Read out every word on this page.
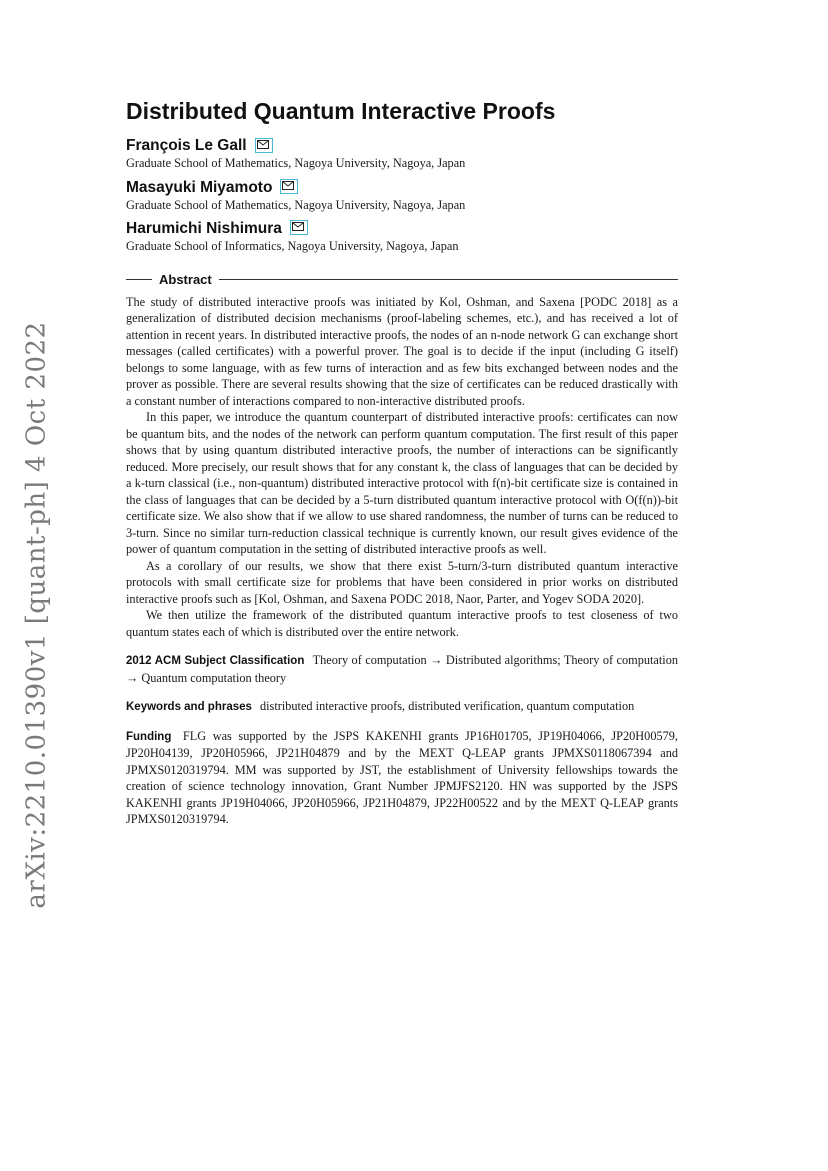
arXiv:2210.01390v1 [quant-ph] 4 Oct 2022
Distributed Quantum Interactive Proofs
François Le Gall
Graduate School of Mathematics, Nagoya University, Nagoya, Japan
Masayuki Miyamoto
Graduate School of Mathematics, Nagoya University, Nagoya, Japan
Harumichi Nishimura
Graduate School of Informatics, Nagoya University, Nagoya, Japan
Abstract

The study of distributed interactive proofs was initiated by Kol, Oshman, and Saxena [PODC 2018] as a generalization of distributed decision mechanisms (proof-labeling schemes, etc.), and has received a lot of attention in recent years. In distributed interactive proofs, the nodes of an n-node network G can exchange short messages (called certificates) with a powerful prover. The goal is to decide if the input (including G itself) belongs to some language, with as few turns of interaction and as few bits exchanged between nodes and the prover as possible. There are several results showing that the size of certificates can be reduced drastically with a constant number of interactions compared to non-interactive distributed proofs.

In this paper, we introduce the quantum counterpart of distributed interactive proofs: certificates can now be quantum bits, and the nodes of the network can perform quantum computation. The first result of this paper shows that by using quantum distributed interactive proofs, the number of interactions can be significantly reduced. More precisely, our result shows that for any constant k, the class of languages that can be decided by a k-turn classical (i.e., non-quantum) distributed interactive protocol with f(n)-bit certificate size is contained in the class of languages that can be decided by a 5-turn distributed quantum interactive protocol with O(f(n))-bit certificate size. We also show that if we allow to use shared randomness, the number of turns can be reduced to 3-turn. Since no similar turn-reduction classical technique is currently known, our result gives evidence of the power of quantum computation in the setting of distributed interactive proofs as well.

As a corollary of our results, we show that there exist 5-turn/3-turn distributed quantum interactive protocols with small certificate size for problems that have been considered in prior works on distributed interactive proofs such as [Kol, Oshman, and Saxena PODC 2018, Naor, Parter, and Yogev SODA 2020].

We then utilize the framework of the distributed quantum interactive proofs to test closeness of two quantum states each of which is distributed over the entire network.

2012 ACM Subject Classification Theory of computation → Distributed algorithms; Theory of computation → Quantum computation theory
Keywords and phrases distributed interactive proofs, distributed verification, quantum computation
Funding FLG was supported by the JSPS KAKENHI grants JP16H01705, JP19H04066, JP20H00579, JP20H04139, JP20H05966, JP21H04879 and by the MEXT Q-LEAP grants JPMXS0118067394 and JPMXS0120319794. MM was supported by JST, the establishment of University fellowships towards the creation of science technology innovation, Grant Number JPMJFS2120. HN was supported by the JSPS KAKENHI grants JP19H04066, JP20H05966, JP21H04879, JP22H00522 and by the MEXT Q-LEAP grants JPMXS0120319794.
